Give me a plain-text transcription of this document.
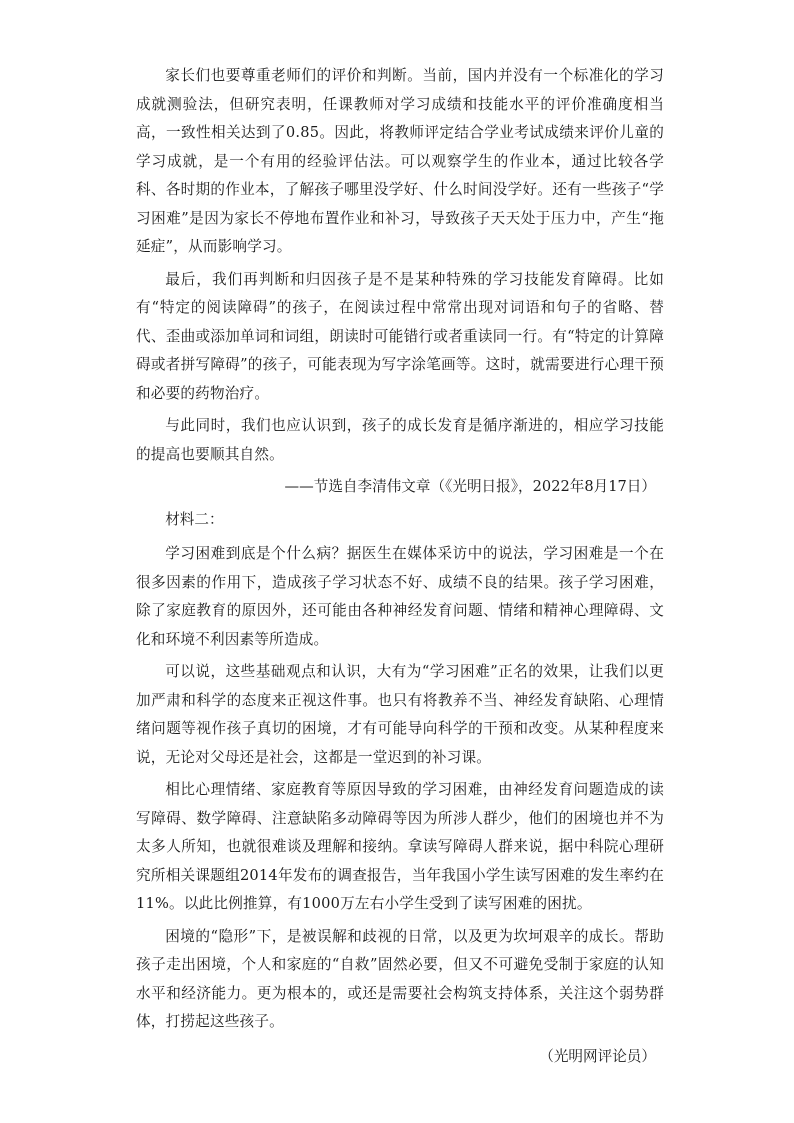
家长们也要尊重老师们的评价和判断。当前，国内并没有一个标准化的学习成就测验法，但研究表明，任课教师对学习成绩和技能水平的评价准确度相当高，一致性相关达到了0.85。因此，将教师评定结合学业考试成绩来评价儿童的学习成就，是一个有用的经验评估法。可以观察学生的作业本，通过比较各学科、各时期的作业本，了解孩子哪里没学好、什么时间没学好。还有一些孩子“学习困难”是因为家长不停地布置作业和补习，导致孩子天天处于压力中，产生“拖延症”，从而影响学习。

最后，我们再判断和归因孩子是不是某种特殊的学习技能发育障碍。比如有“特定的阅读障碍”的孩子，在阅读过程中常常出现对词语和句子的省略、替代、歪曲或添加单词和词组，朗读时可能错行或者重读同一行。有“特定的计算障碍或者拼写障碍”的孩子，可能表现为写字涂笔画等。这时，就需要进行心理干预和必要的药物治疗。

与此同时，我们也应认识到，孩子的成长发育是循序渐进的，相应学习技能的提高也要顺其自然。

——节选自李清伟文章（《光明日报》，2022年8月17日）
材料二：

学习困难到底是个什么病？据医生在媒体采访中的说法，学习困难是一个在很多因素的作用下，造成孩子学习状态不好、成绩不良的结果。孩子学习困难，除了家庭教育的原因外，还可能由各种神经发育问题、情绪和精神心理障碍、文化和环境不利因素等所造成。

可以说，这些基础观点和认识，大有为“学习困难”正名的效果，让我们以更加严肃和科学的态度来正视这件事。也只有将教养不当、神经发育缺陷、心理情绪问题等视作孩子真切的困境，才有可能导向科学的干预和改变。从某种程度来说，无论对父母还是社会，这都是一堂迟到的补习课。

相比心理情绪、家庭教育等原因导致的学习困难，由神经发育问题造成的读写障碍、数学障碍、注意缺陷多动障碍等因为所涉人群少，他们的困境也并不为太多人所知，也就很难谈及理解和接纳。拿读写障碍人群来说，据中科院心理研究所相关课题组2014年发布的调查报告，当年我国小学生读写困难的发生率约在11%。以此比例推算，有1000万左右小学生受到了读写困难的困扰。

困境的“隐形”下，是被误解和歧视的日常，以及更为坎坷艰辛的成长。帮助孩子走出困境，个人和家庭的“自救”固然必要，但又不可避免受制于家庭的认知水平和经济能力。更为根本的，或还是需要社会构筑支持体系，关注这个弱势群体，打捞起这些孩子。

（光明网评论员）
